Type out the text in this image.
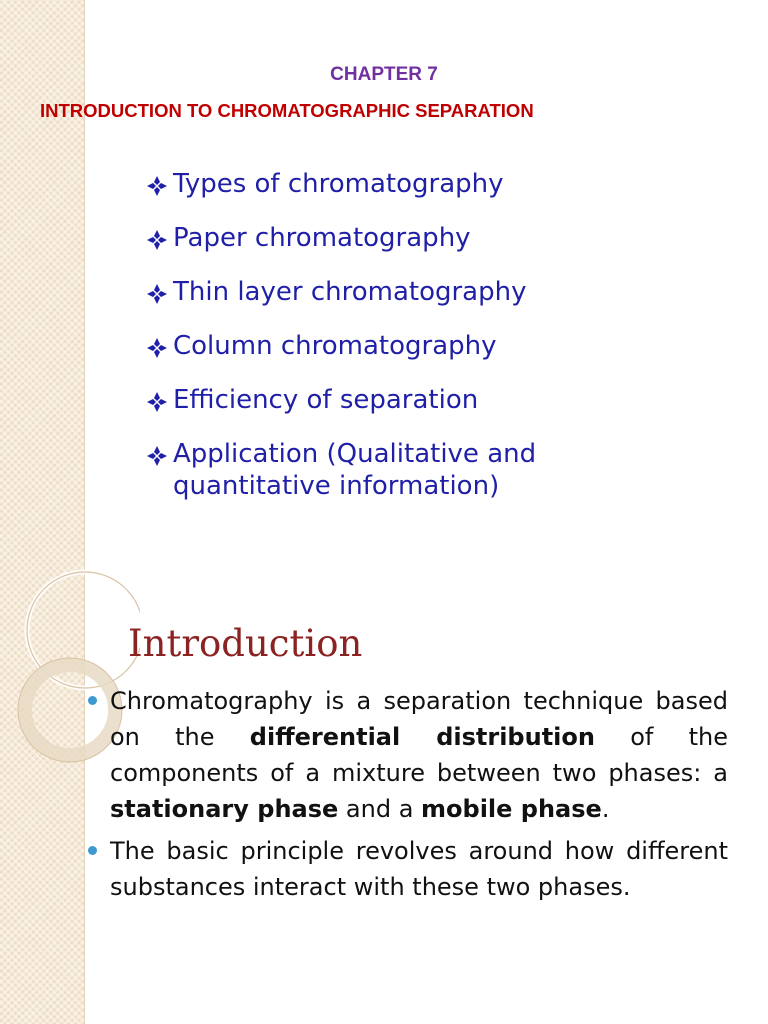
CHAPTER 7
INTRODUCTION TO CHROMATOGRAPHIC SEPARATION
Types of chromatography
Paper chromatography
Thin layer chromatography
Column chromatography
Efficiency of separation
Application (Qualitative and
quantitative information)
Introduction
Chromatography is a separation technique based on the differential distribution of the components of a mixture between two phases: a stationary phase and a mobile phase.
The basic principle revolves around how different substances interact with these two phases.
